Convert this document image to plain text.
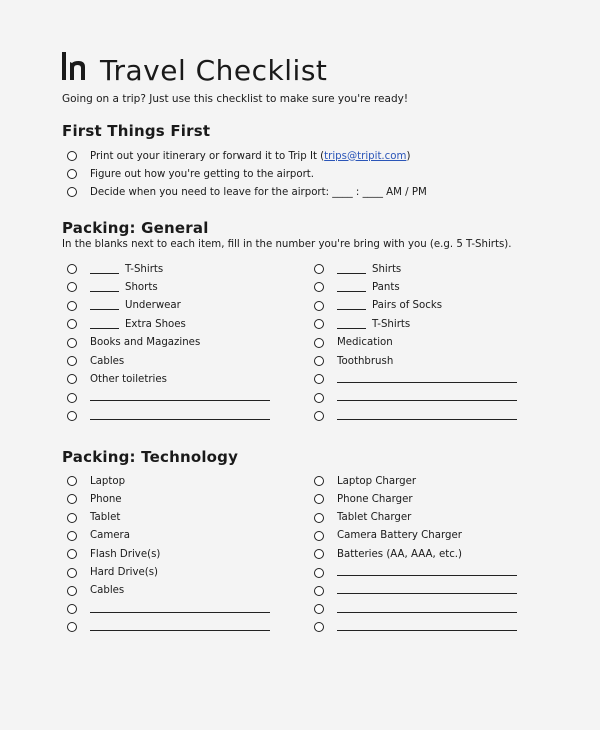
Travel Checklist
Going on a trip? Just use this checklist to make sure you're ready!
First Things First
Print out your itinerary or forward it to Trip It ( trips@tripit.com )
Figure out how you're getting to the airport.
Decide when you need to leave for the airport: ____ : ____ AM / PM
Packing: General
In the blanks next to each item, fill in the number you're bring with you (e.g. 5 T-Shirts).
T-Shirts
Shorts
Underwear
Extra Shoes
Books and Magazines
Cables
Other toiletries
Shirts
Pants
Pairs of Socks
T-Shirts
Medication
Toothbrush
Packing: Technology
Laptop
Phone
Tablet
Camera
Flash Drive(s)
Hard Drive(s)
Cables
Laptop Charger
Phone Charger
Tablet Charger
Camera Battery Charger
Batteries (AA, AAA, etc.)
